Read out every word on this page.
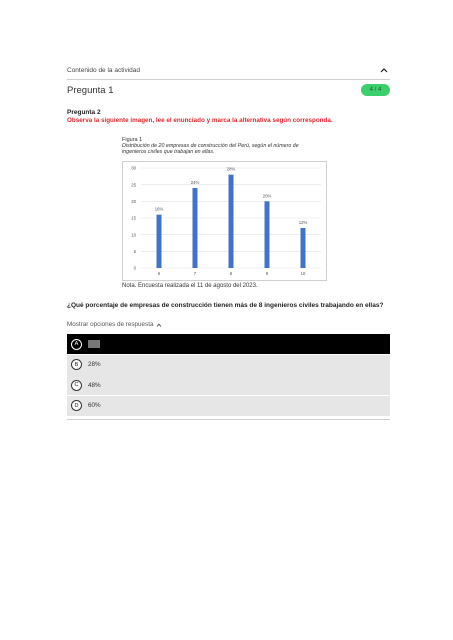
Contenido de la actividad
Pregunta 1	4 / 4
Pregunta 2
Observa la siguiente imagen, lee el enunciado y marca la alternativa según corresponda.
Figura 1
Distribución de 20 empresas de construcción del Perú, según el número de ingenieros civiles que trabajan en ellas.
0
5
10
15
20
25
30
16%
6
24%
7
28%
8
20%
9
12%
10
Nota. Encuesta realizada el 11 de agosto del 2023.
¿Qué porcentaje de empresas de construcción tienen más de 8 ingenieros civiles trabajando en ellas?
Mostrar opciones de respuesta
A
B	28%
C	48%
D	60%
